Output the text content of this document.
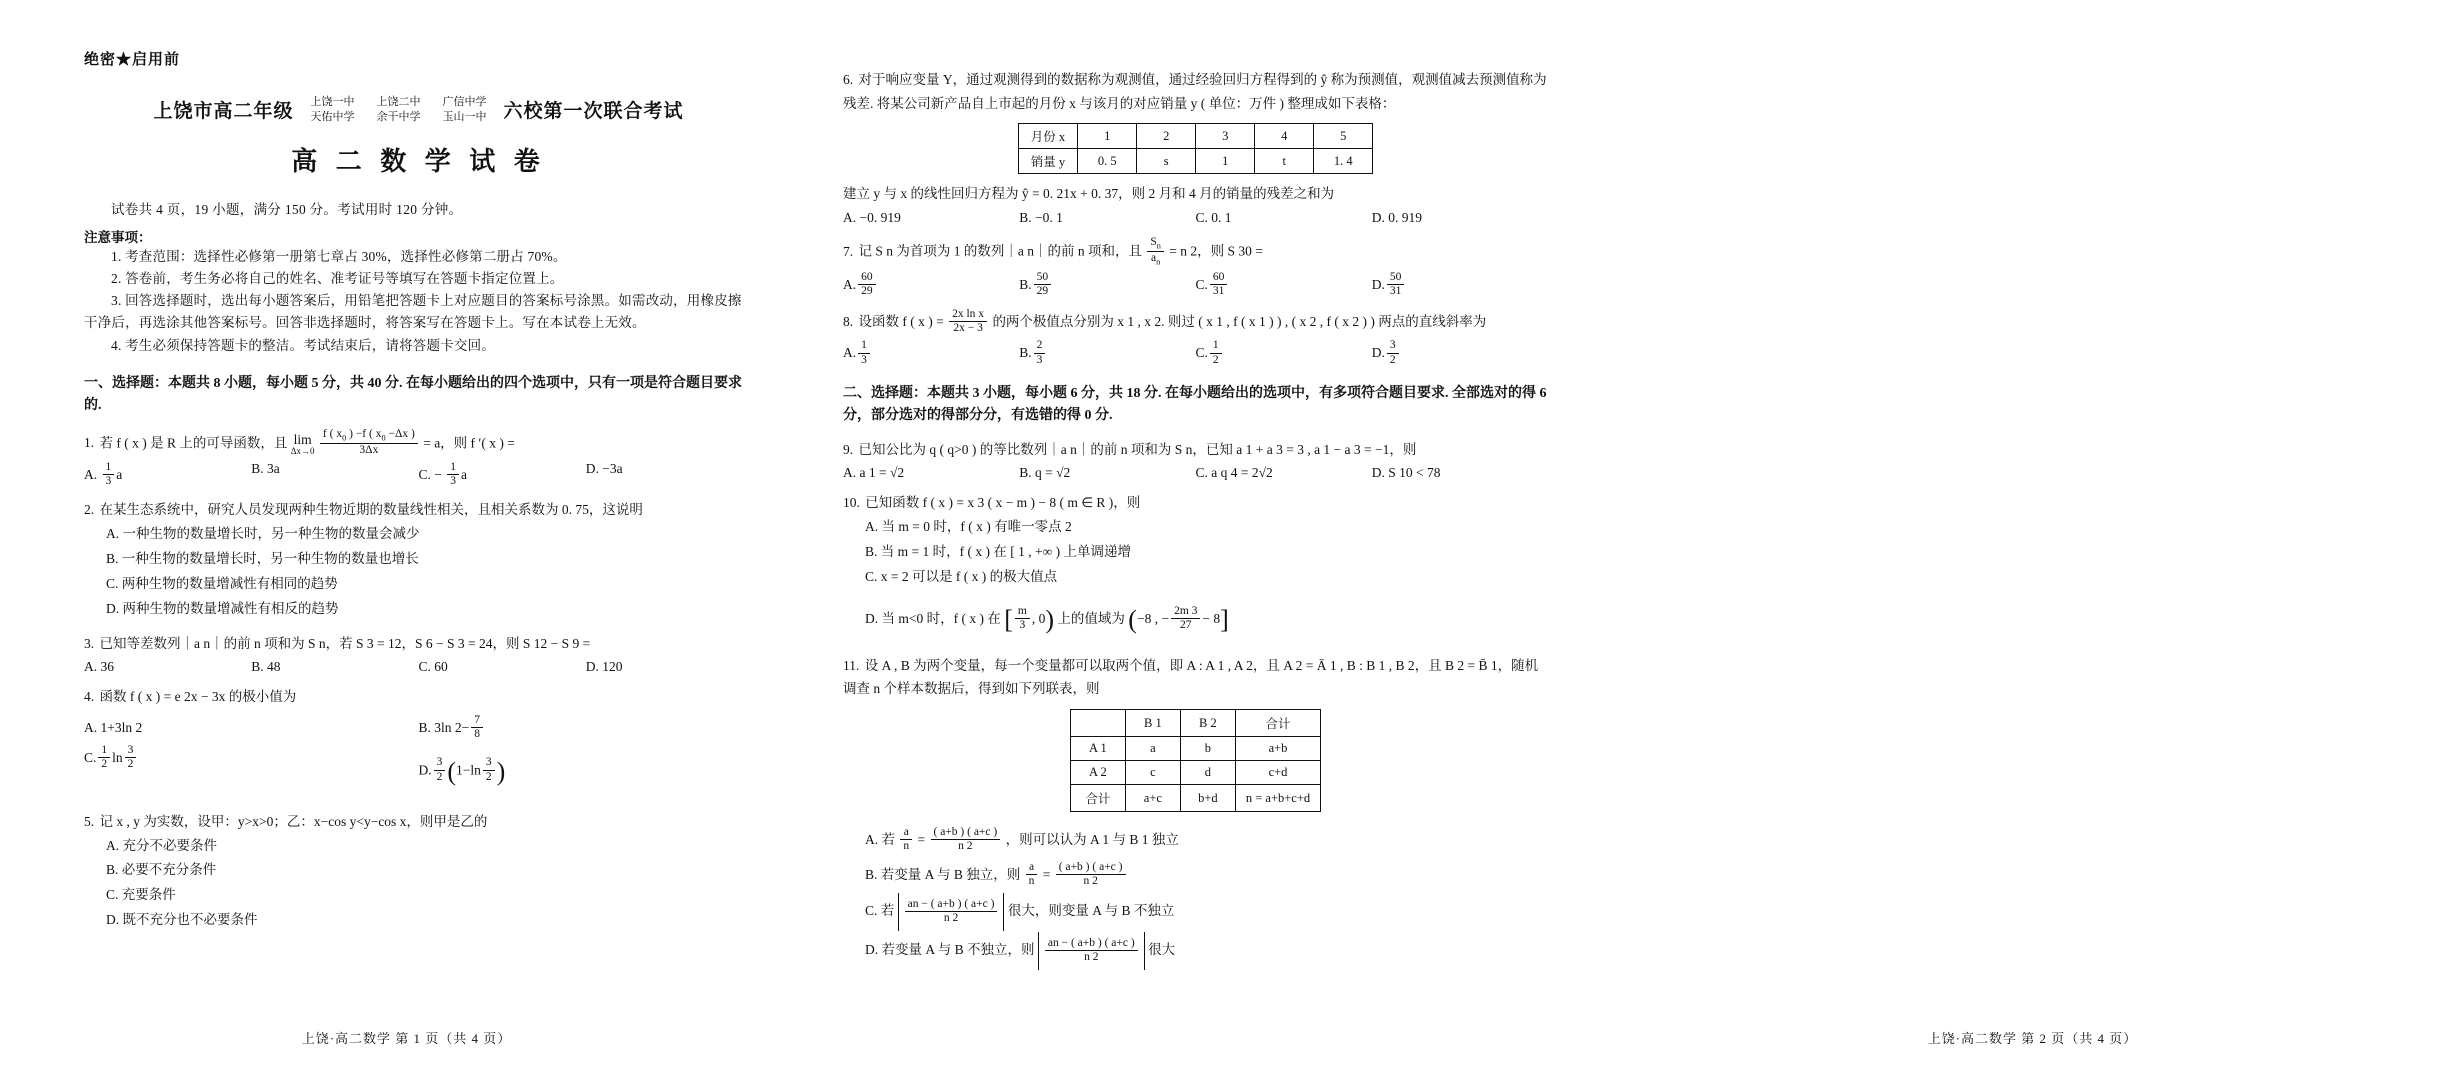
绝密★启用前
上饶市高二年级	上饶一中 上饶二中 广信中学
天佑中学 余干中学 玉山一中 六校第一次联合考试
高 二 数 学 试 卷
试卷共 4 页，19 小题，满分 150 分。考试用时 120 分钟。
注意事项：
1. 考查范围：选择性必修第一册第七章占 30%，选择性必修第二册占 70%。
2. 答卷前，考生务必将自己的姓名、准考证号等填写在答题卡指定位置上。
3. 回答选择题时，选出每小题答案后，用铅笔把答题卡上对应题目的答案标号涂黑。如需改动，用橡皮擦干净后，再选涂其他答案标号。回答非选择题时，将答案写在答题卡上。写在本试卷上无效。
4. 考生必须保持答题卡的整洁。考试结束后，请将答题卡交回。
一、选择题：本题共 8 小题，每小题 5 分，共 40 分. 在每小题给出的四个选项中，只有一项是符合题目要求的.
1. 若 f ( x ) 是 R 上的可导函数，且 lim
Δx→0
$\frac{f ( x_0 ) -f ( x_0 -\Delta x )}{3\Delta x} = a$，则 f ′( x ) =
A. $\frac{1}{3}$ a	B. 3a	C. − $\frac{1}{3}$ a	D. −3a
2. 在某生态系统中，研究人员发现两种生物近期的数量线性相关，且相关系数为 0. 75，这说明
A. 一种生物的数量增长时，另一种生物的数量会减少
B. 一种生物的数量增长时，另一种生物的数量也增长
C. 两种生物的数量增减性有相同的趋势
D. 两种生物的数量增减性有相反的趋势
3. 已知等差数列｜a n｜的前 n 项和为 S n，若 S 3 = 12，S 6 − S 3 = 24，则 S 12 − S 9 =
A. 36	B. 48	C. 60	D. 120
4. 函数 f ( x ) = e 2x − 3x 的极小值为
A. 1+3ln 2	B. 3ln $2- \frac{7}{8}$
C. $\frac{1}{2}$ $\ln \frac{3}{2}$	D. $\frac{3}{2} (1-\ln \frac{3}{2}$ )
5. 记 x , y 为实数，设甲：y>x>0；乙：x−cos y<y−cos x，则甲是乙的
A. 充分不必要条件
B. 必要不充分条件
C. 充要条件
D. 既不充分也不必要条件
上饶·高二数学 第 1 页（共 4 页）
6. 对于响应变量 Y，通过观测得到的数据称为观测值，通过经验回归方程得到的 ŷ 称为预测值，观测值减去预测值称为残差. 将某公司新产品自上市起的月份 x 与该月的对应销量 y ( 单位：万件 ) 整理成如下表格：
月份 x	1	2	3	4	5
销量 y	0. 5	s	1	t	1. 4
建立 y 与 x 的线性回归方程为 ŷ = 0. 21x + 0. 37，则 2 月和 4 月的销量的残差之和为
A. −0. 919	B. −0. 1	C. 0. 1	D. 0. 919
7. 记 S n 为首项为 1 的数列｜a n｜的前 n 项和，且 $\frac{S_n}{a_n} = n$ 2，则 S 30 =
A. $\frac{60}{29}$	B. $\frac{50}{29}$	C. $\frac{60}{31}$	D. $\frac{50}{31}$
8. 设函数 f ( x ) = $\frac{\text{2x ln x}}{2x - 3}$ 的两个极值点分别为 x 1 , x 2. 则过 ( x 1 , f ( x 1 ) ) , ( x 2 , f ( x 2 ) ) 两点的直线斜率为
A. $\frac{1}{3}$	B. $\frac{2}{3}$	C. $\frac{1}{2}$	D. $\frac{3}{2}$
二、选择题：本题共 3 小题，每小题 6 分，共 18 分. 在每小题给出的选项中，有多项符合题目要求. 全部选对的得 6 分，部分选对的得部分分，有选错的得 0 分.
9. 已知公比为 q ( q>0 ) 的等比数列｜a n｜的前 n 项和为 S n，已知 a 1 + a 3 = 3 , a 1 − a 3 = −1，则
A. a 1 = √2	B. q = √2	C. a q 4 = 2√2	D. S 10 < 78
10. 已知函数 f ( x ) = x 3 ( x − m ) − 8 ( m ∈ R )，则
A. 当 m = 0 时，f ( x ) 有唯一零点 2
B. 当 m = 1 时，f ( x ) 在 [ 1 , +∞ ) 上单调递增
C. x = 2 可以是 f ( x ) 的极大值点
D. 当 m<0 时，f ( x ) 在 [ $\frac{m}{3}$ , 0) 上的值域为 (−8 , − $\frac{2m 3}{27} - 8$]
11. 设 A , B 为两个变量，每一个变量都可以取两个值，即 A : A 1 , A 2，且 A 2 = Ā 1 , B : B 1 , B 2，且 B 2 = B̄ 1，随机调查 n 个样本数据后，得到如下列联表，则
	B 1	B 2	合计
A 1	a	b	a+b
A 2	c	d	c+d
合计	a+c	b+d	n = a+b+c+d
A. 若 $\frac{a}{n} = \frac{( a+b ) ( a+c )}{n 2}$ ，则可以认为 A 1 与 B 1 独立
B. 若变量 A 与 B 独立，则 $\frac{a}{n} = \frac{( a+b ) ( a+c )}{n 2}$
C. 若 $\frac{an - ( a+b ) ( a+c )}{n 2}$ 很大，则变量 A 与 B 不独立
D. 若变量 A 与 B 不独立，则 $\frac{an - ( a+b ) ( a+c )}{n 2}$ 很大
上饶·高二数学 第 2 页（共 4 页）
